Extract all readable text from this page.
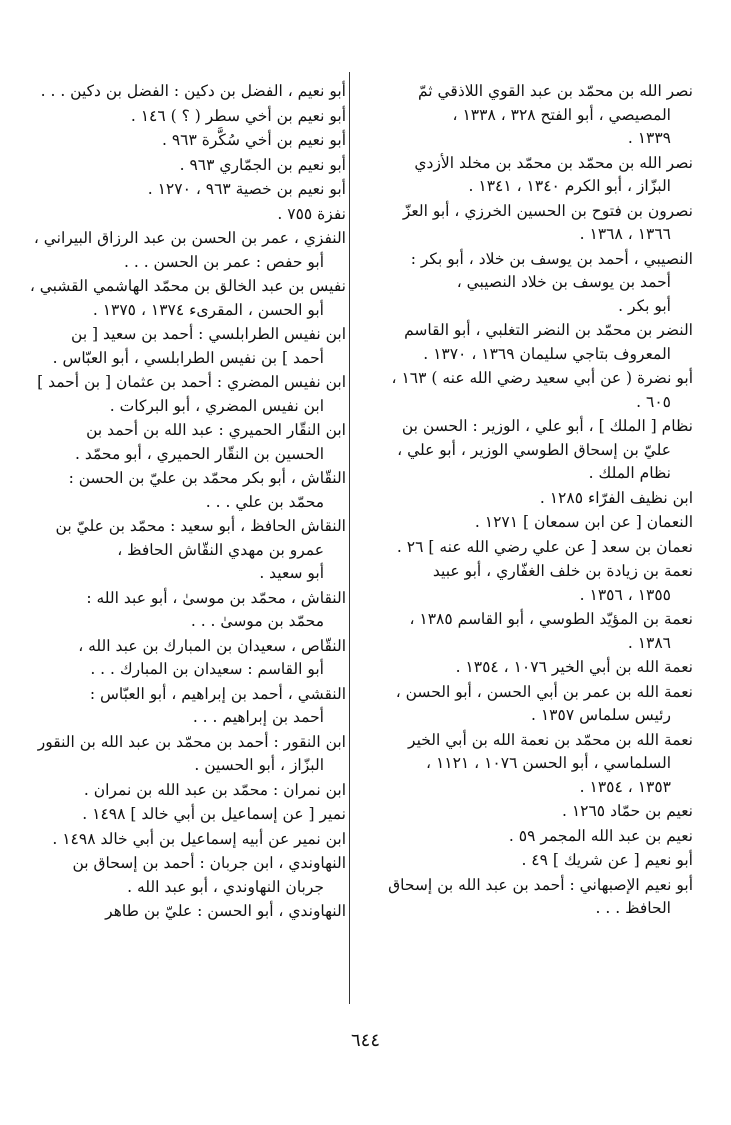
نصر الله بن محمّد بن عبد القوي اللاذقي ثمّ
المصيصي ، أبو الفتح ٣٢٨ ، ١٣٣٨ ،
١٣٣٩ .
نصر الله بن محمّد بن محمّد بن مخلد الأزدي
البزّاز ، أبو الكرم ١٣٤٠ ، ١٣٤١ .
نصرون بن فتوح بن الحسين الخرزي ، أبو العزّ
١٣٦٦ ، ١٣٦٨ .
النصيبي ، أحمد بن يوسف بن خلاد ، أبو بكر :
أحمد بن يوسف بن خلاد النصيبي ،
أبو بكر .
النضر بن محمّد بن النضر التغلبي ، أبو القاسم
المعروف بتاجي سليمان ١٣٦٩ ، ١٣٧٠ .
أبو نضرة ( عن أبي سعيد رضي الله عنه ) ١٦٣ ،
٦٠٥ .
نظام [ الملك ] ، أبو علي ، الوزير : الحسن بن
عليّ بن إسحاق الطوسي الوزير ، أبو علي ،
نظام الملك .
ابن نظيف الفرّاء ١٢٨٥ .
النعمان [ عن ابن سمعان ] ١٢٧١ .
نعمان بن سعد [ عن علي رضي الله عنه ] ٢٦ .
نعمة بن زيادة بن خلف الغفّاري ، أبو عبيد
١٣٥٥ ، ١٣٥٦ .
نعمة بن المؤيّد الطوسي ، أبو القاسم ١٣٨٥ ،
١٣٨٦ .
نعمة الله بن أبي الخير ١٠٧٦ ، ١٣٥٤ .
نعمة الله بن عمر بن أبي الحسن ، أبو الحسن ،
رئيس سلماس ١٣٥٧ .
نعمة الله بن محمّد بن نعمة الله بن أبي الخير
السلماسي ، أبو الحسن ١٠٧٦ ، ١١٢١ ،
١٣٥٣ ، ١٣٥٤ .
نعيم بن حمّاد ١٢٦٥ .
نعيم بن عبد الله المجمر ٥٩ .
أبو نعيم [ عن شريك ] ٤٩ .
أبو نعيم الإصبهاني : أحمد بن عبد الله بن إسحاق
الحافظ . . .
أبو نعيم ، الفضل بن دكين : الفضل بن دكين . . .
أبو نعيم بن أخي سطر ( ؟ ) ١٤٦ .
أبو نعيم بن أخي سُكَّرة ٩٦٣ .
أبو نعيم بن الجمّاري ٩٦٣ .
أبو نعيم بن خصية ٩٦٣ ، ١٢٧٠ .
نفزة ٧٥٥ .
النفزي ، عمر بن الحسن بن عبد الرزاق البيراني ،
أبو حفص : عمر بن الحسن . . .
نفيس بن عبد الخالق بن محمّد الهاشمي القشبي ،
أبو الحسن ، المقرىء ١٣٧٤ ، ١٣٧٥ .
ابن نفيس الطرابلسي : أحمد بن سعيد [ بن
أحمد ] بن نفيس الطرابلسي ، أبو العبّاس .
ابن نفيس المضري : أحمد بن عثمان [ بن أحمد ]
ابن نفيس المضري ، أبو البركات .
ابن النقّار الحميري : عبد الله بن أحمد بن
الحسين بن النقّار الحميري ، أبو محمّد .
النقّاش ، أبو بكر محمّد بن عليّ بن الحسن :
محمّد بن علي . . .
النقاش الحافظ ، أبو سعيد : محمّد بن عليّ بن
عمرو بن مهدي النقّاش الحافظ ،
أبو سعيد .
النقاش ، محمّد بن موسىٰ ، أبو عبد الله :
محمّد بن موسىٰ . . .
النقّاص ، سعيدان بن المبارك بن عبد الله ،
أبو القاسم : سعيدان بن المبارك . . .
النقشي ، أحمد بن إبراهيم ، أبو العبّاس :
أحمد بن إبراهيم . . .
ابن النقور : أحمد بن محمّد بن عبد الله بن النقور
البزّاز ، أبو الحسين .
ابن نمران : محمّد بن عبد الله بن نمران .
نمير [ عن إسماعيل بن أبي خالد ] ١٤٩٨ .
ابن نمير عن أبيه إسماعيل بن أبي خالد ١٤٩٨ .
النهاوندي ، ابن جربان : أحمد بن إسحاق بن
جربان النهاوندي ، أبو عبد الله .
النهاوندي ، أبو الحسن : عليّ بن طاهر
٦٤٤
